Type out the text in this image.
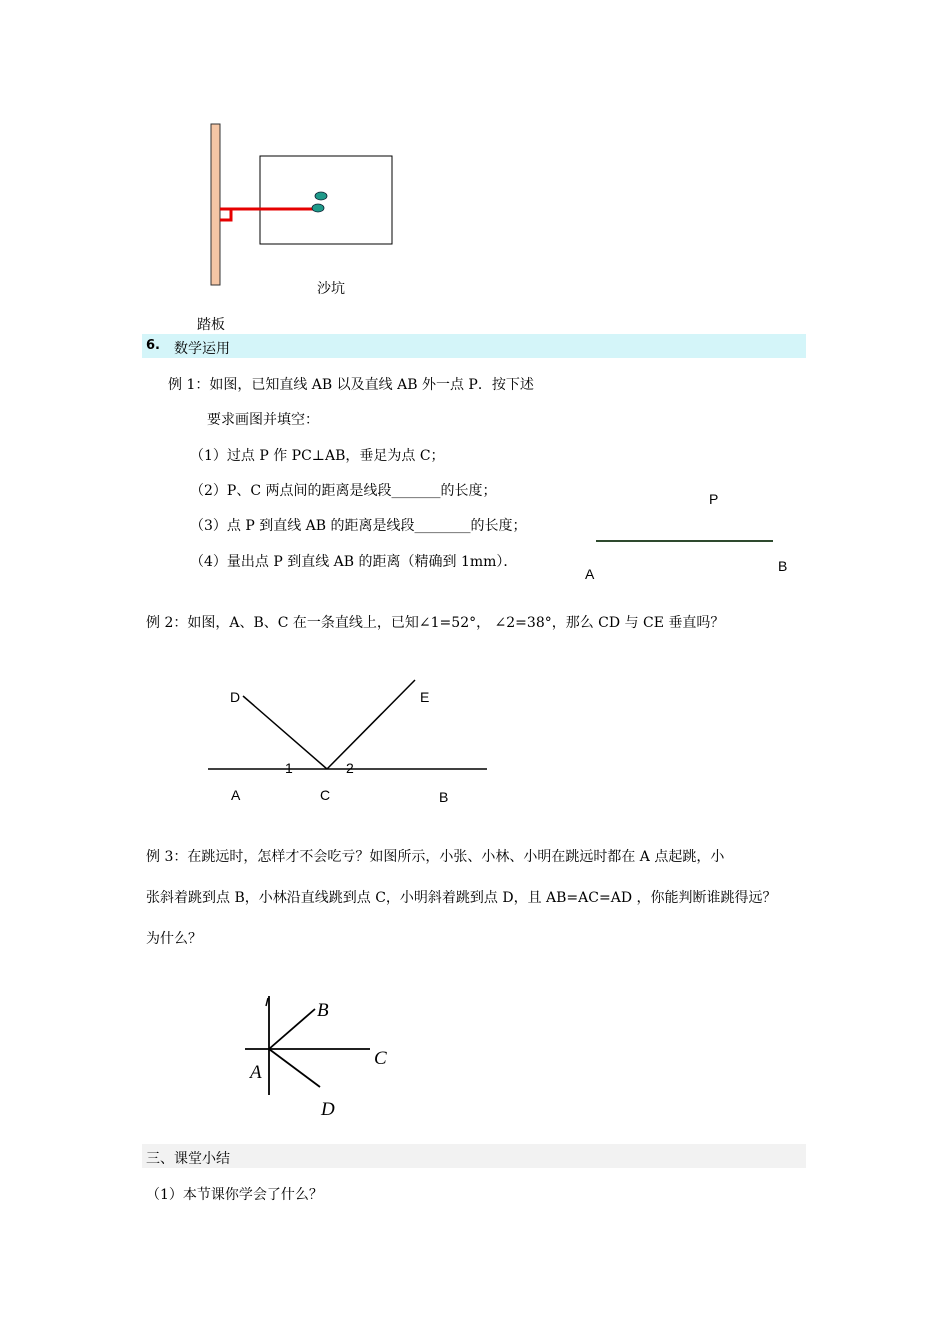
沙坑
踏板
6. 数学运用
例 1：如图，已知直线 AB 以及直线 AB 外一点 P．按下述
要求画图并填空：
（1）过点 P 作 PC⊥AB，垂足为点 C；
（2）P、C 两点间的距离是线段_______的长度；
（3）点 P 到直线 AB 的距离是线段________的长度；
（4）量出点 P 到直线 AB 的距离（精确到 1mm）．
P
A	B
例 2：如图，A、B、C 在一条直线上，已知∠1=52°， ∠2=38°，那么 CD 与 CE 垂直吗？
D	E
1	2
A	C	B
例 3：在跳远时，怎样才不会吃亏？如图所示，小张、小林、小明在跳远时都在 A 点起跳，小
张斜着跳到点 B，小林沿直线跳到点 C，小明斜着跳到点 D，且 AB=AC=AD ，你能判断谁跳得远？
为什么？
B
C
A
D
三、课堂小结
（1）本节课你学会了什么？
